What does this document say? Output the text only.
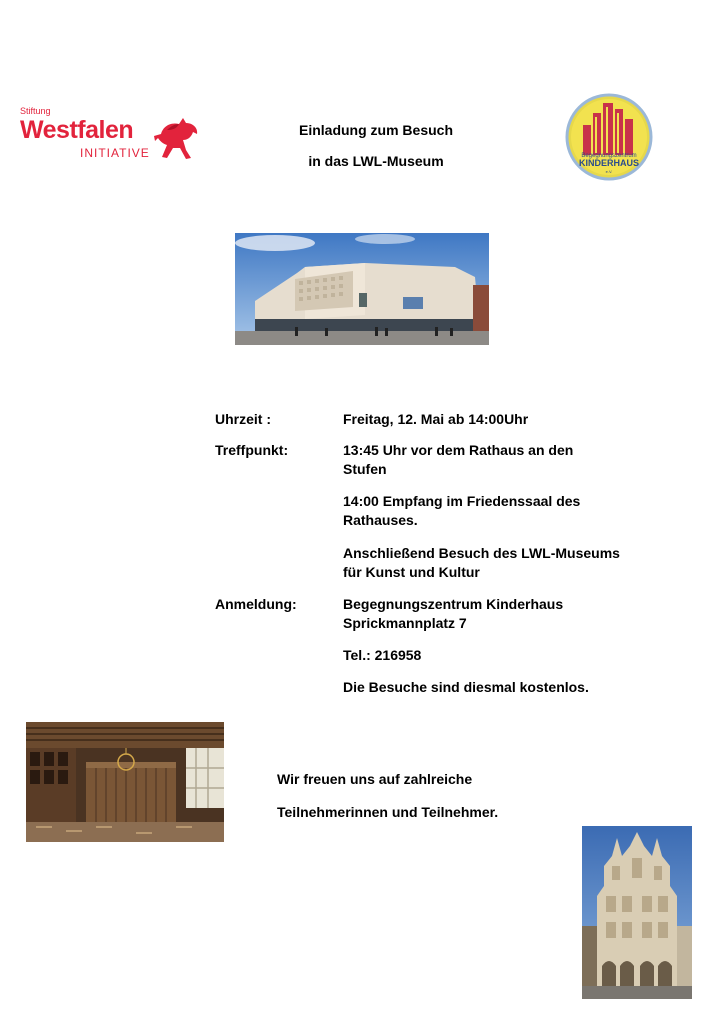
Stiftung
Westfalen
INITIATIVE	Begegnungszentrum
KINDERHAUS
e.V.
Einladung zum Besuch
in das LWL-Museum
Uhrzeit :	Freitag, 12. Mai ab 14:00Uhr
Treffpunkt:	13:45 Uhr vor dem Rathaus an den
Stufen
14:00 Empfang im Friedenssaal des
Rathauses.
Anschließend Besuch des LWL-Museums
für Kunst und Kultur
Anmeldung:	Begegnungszentrum Kinderhaus
Sprickmannplatz 7
Tel.: 216958
Die Besuche sind diesmal kostenlos.
Wir freuen uns auf zahlreiche
Teilnehmerinnen und Teilnehmer.
